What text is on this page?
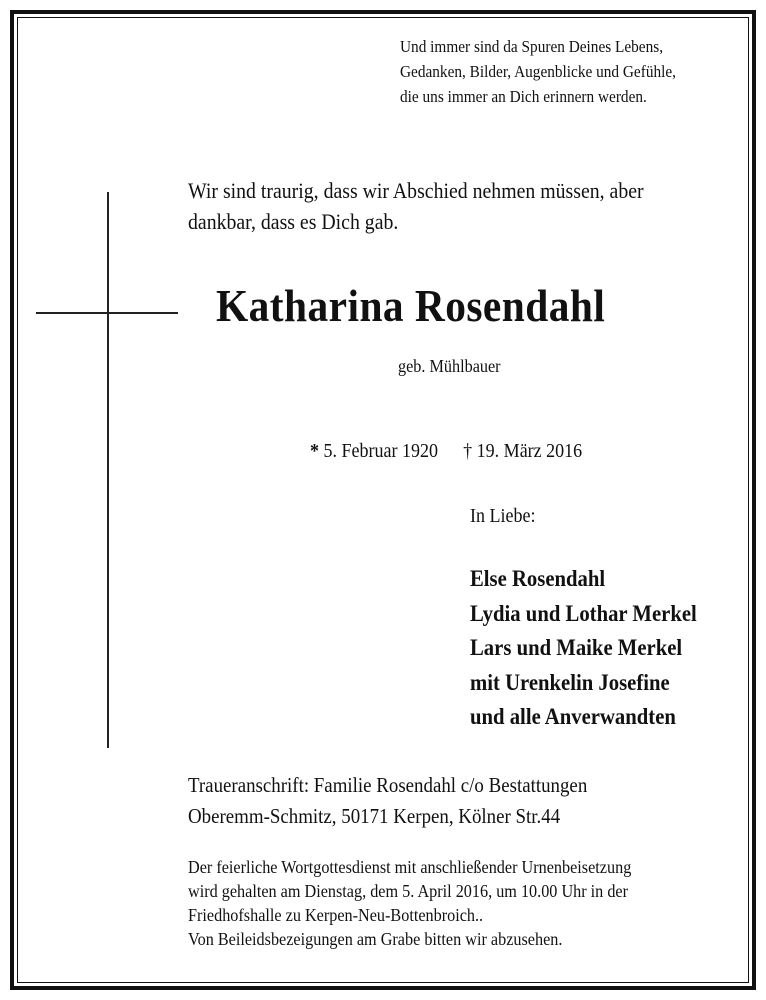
Und immer sind da Spuren Deines Lebens,
Gedanken, Bilder, Augenblicke und Gefühle,
die uns immer an Dich erinnern werden.
Wir sind traurig, dass wir Abschied nehmen müssen, aber
dankbar, dass es Dich gab.
Katharina Rosendahl
geb. Mühlbauer
* 5. Februar 1920 † 19. März 2016
In Liebe:
Else Rosendahl
Lydia und Lothar Merkel
Lars und Maike Merkel
mit Urenkelin Josefine
und alle Anverwandten
Traueranschrift: Familie Rosendahl c/o Bestattungen
Oberemm-Schmitz, 50171 Kerpen, Kölner Str.44
Der feierliche Wortgottesdienst mit anschließender Urnenbeisetzung
wird gehalten am Dienstag, dem 5. April 2016, um 10.00 Uhr in der
Friedhofshalle zu Kerpen-Neu-Bottenbroich..
Von Beileidsbezeigungen am Grabe bitten wir abzusehen.
